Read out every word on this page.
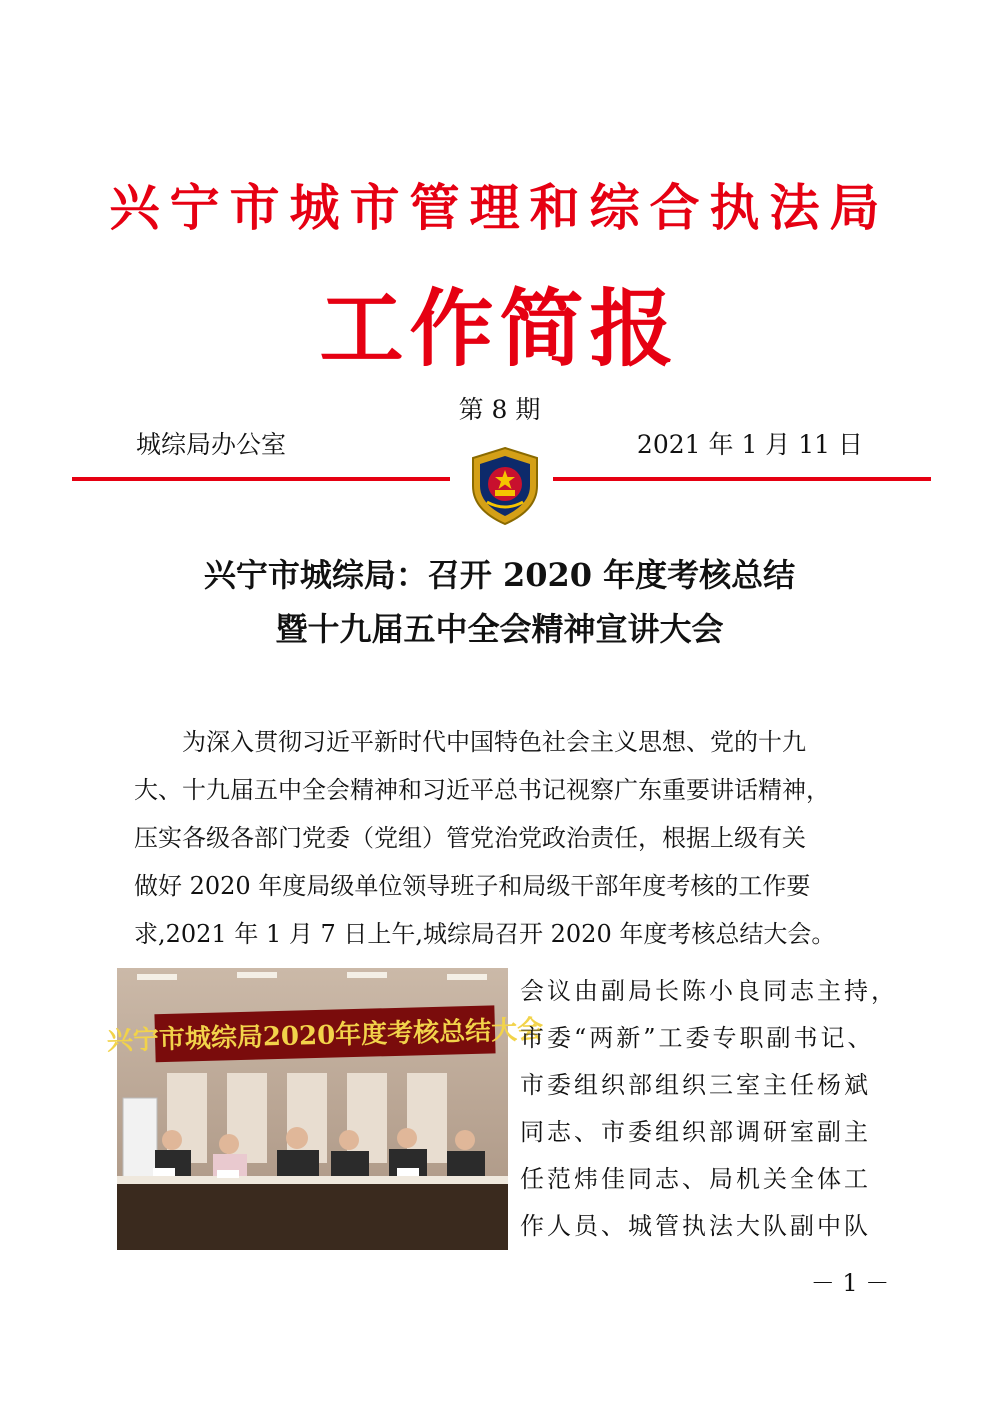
兴宁市城市管理和综合执法局
工作简报
第 8 期
城综局办公室	2021 年 1 月 11 日
兴宁市城综局：召开 2020 年度考核总结
暨十九届五中全会精神宣讲大会

为深入贯彻习近平新时代中国特色社会主义思想、党的十九

大、十九届五中全会精神和习近平总书记视察广东重要讲话精神，

压实各级各部门党委（党组）管党治党政治责任，根据上级有关

做好 2020 年度局级单位领导班子和局级干部年度考核的工作要

求,2021 年 1 月 7 日上午,城综局召开 2020 年度考核总结大会。

兴宁市城综局2020年度考核总结大会
会议由副局长陈小良同志主持，
市委“两新”工委专职副书记、
市委组织部组织三室主任杨斌
同志、市委组织部调研室副主
任范炜佳同志、局机关全体工
作人员、城管执法大队副中队
－ 1 －
